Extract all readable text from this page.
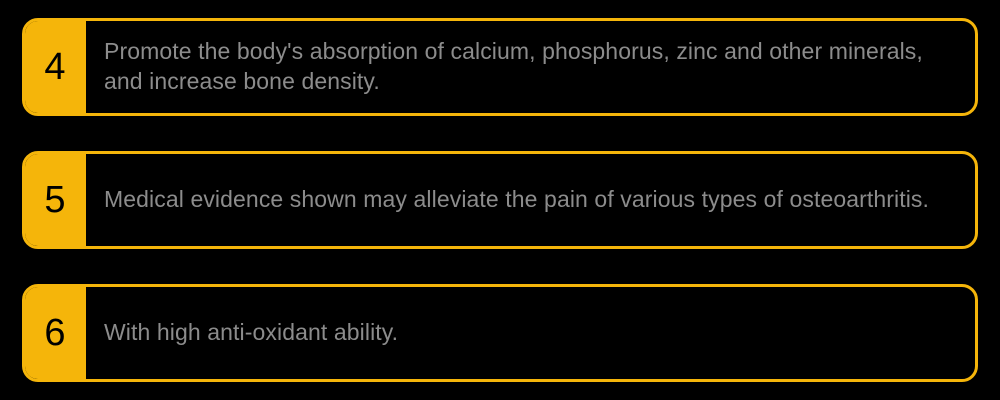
4 Promote the body's absorption of calcium, phosphorus, zinc and other minerals, and increase bone density.
5 Medical evidence shown may alleviate the pain of various types of osteoarthritis.
6 With high anti-oxidant ability.
